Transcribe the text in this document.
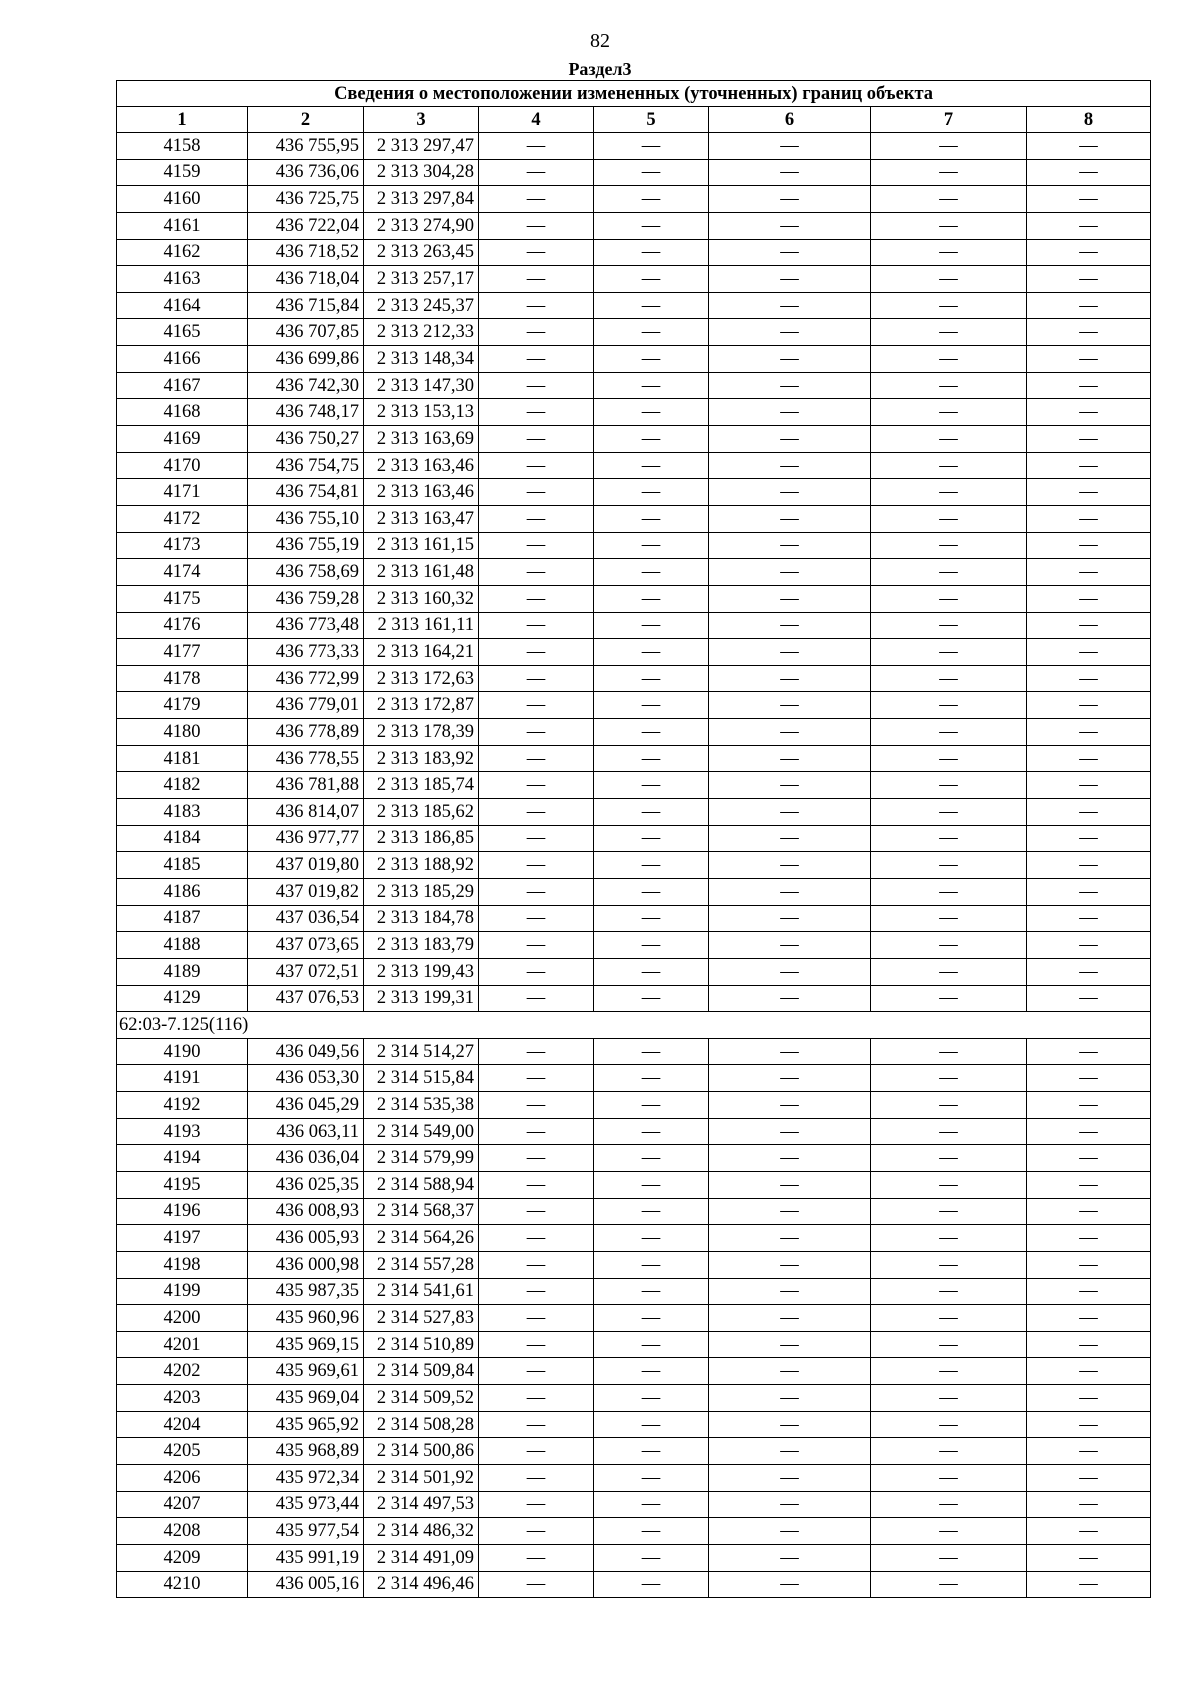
82
Раздел3
Сведения о местоположении измененных (уточненных) границ объекта							
1	2	3	4	5	6	7	8
4158	436 755,95	2 313 297,47	—	—	—	—	—
4159	436 736,06	2 313 304,28	—	—	—	—	—
4160	436 725,75	2 313 297,84	—	—	—	—	—
4161	436 722,04	2 313 274,90	—	—	—	—	—
4162	436 718,52	2 313 263,45	—	—	—	—	—
4163	436 718,04	2 313 257,17	—	—	—	—	—
4164	436 715,84	2 313 245,37	—	—	—	—	—
4165	436 707,85	2 313 212,33	—	—	—	—	—
4166	436 699,86	2 313 148,34	—	—	—	—	—
4167	436 742,30	2 313 147,30	—	—	—	—	—
4168	436 748,17	2 313 153,13	—	—	—	—	—
4169	436 750,27	2 313 163,69	—	—	—	—	—
4170	436 754,75	2 313 163,46	—	—	—	—	—
4171	436 754,81	2 313 163,46	—	—	—	—	—
4172	436 755,10	2 313 163,47	—	—	—	—	—
4173	436 755,19	2 313 161,15	—	—	—	—	—
4174	436 758,69	2 313 161,48	—	—	—	—	—
4175	436 759,28	2 313 160,32	—	—	—	—	—
4176	436 773,48	2 313 161,11	—	—	—	—	—
4177	436 773,33	2 313 164,21	—	—	—	—	—
4178	436 772,99	2 313 172,63	—	—	—	—	—
4179	436 779,01	2 313 172,87	—	—	—	—	—
4180	436 778,89	2 313 178,39	—	—	—	—	—
4181	436 778,55	2 313 183,92	—	—	—	—	—
4182	436 781,88	2 313 185,74	—	—	—	—	—
4183	436 814,07	2 313 185,62	—	—	—	—	—
4184	436 977,77	2 313 186,85	—	—	—	—	—
4185	437 019,80	2 313 188,92	—	—	—	—	—
4186	437 019,82	2 313 185,29	—	—	—	—	—
4187	437 036,54	2 313 184,78	—	—	—	—	—
4188	437 073,65	2 313 183,79	—	—	—	—	—
4189	437 072,51	2 313 199,43	—	—	—	—	—
4129	437 076,53	2 313 199,31	—	—	—	—	—
62:03-7.125(116)							
4190	436 049,56	2 314 514,27	—	—	—	—	—
4191	436 053,30	2 314 515,84	—	—	—	—	—
4192	436 045,29	2 314 535,38	—	—	—	—	—
4193	436 063,11	2 314 549,00	—	—	—	—	—
4194	436 036,04	2 314 579,99	—	—	—	—	—
4195	436 025,35	2 314 588,94	—	—	—	—	—
4196	436 008,93	2 314 568,37	—	—	—	—	—
4197	436 005,93	2 314 564,26	—	—	—	—	—
4198	436 000,98	2 314 557,28	—	—	—	—	—
4199	435 987,35	2 314 541,61	—	—	—	—	—
4200	435 960,96	2 314 527,83	—	—	—	—	—
4201	435 969,15	2 314 510,89	—	—	—	—	—
4202	435 969,61	2 314 509,84	—	—	—	—	—
4203	435 969,04	2 314 509,52	—	—	—	—	—
4204	435 965,92	2 314 508,28	—	—	—	—	—
4205	435 968,89	2 314 500,86	—	—	—	—	—
4206	435 972,34	2 314 501,92	—	—	—	—	—
4207	435 973,44	2 314 497,53	—	—	—	—	—
4208	435 977,54	2 314 486,32	—	—	—	—	—
4209	435 991,19	2 314 491,09	—	—	—	—	—
4210	436 005,16	2 314 496,46	—	—	—	—	—
